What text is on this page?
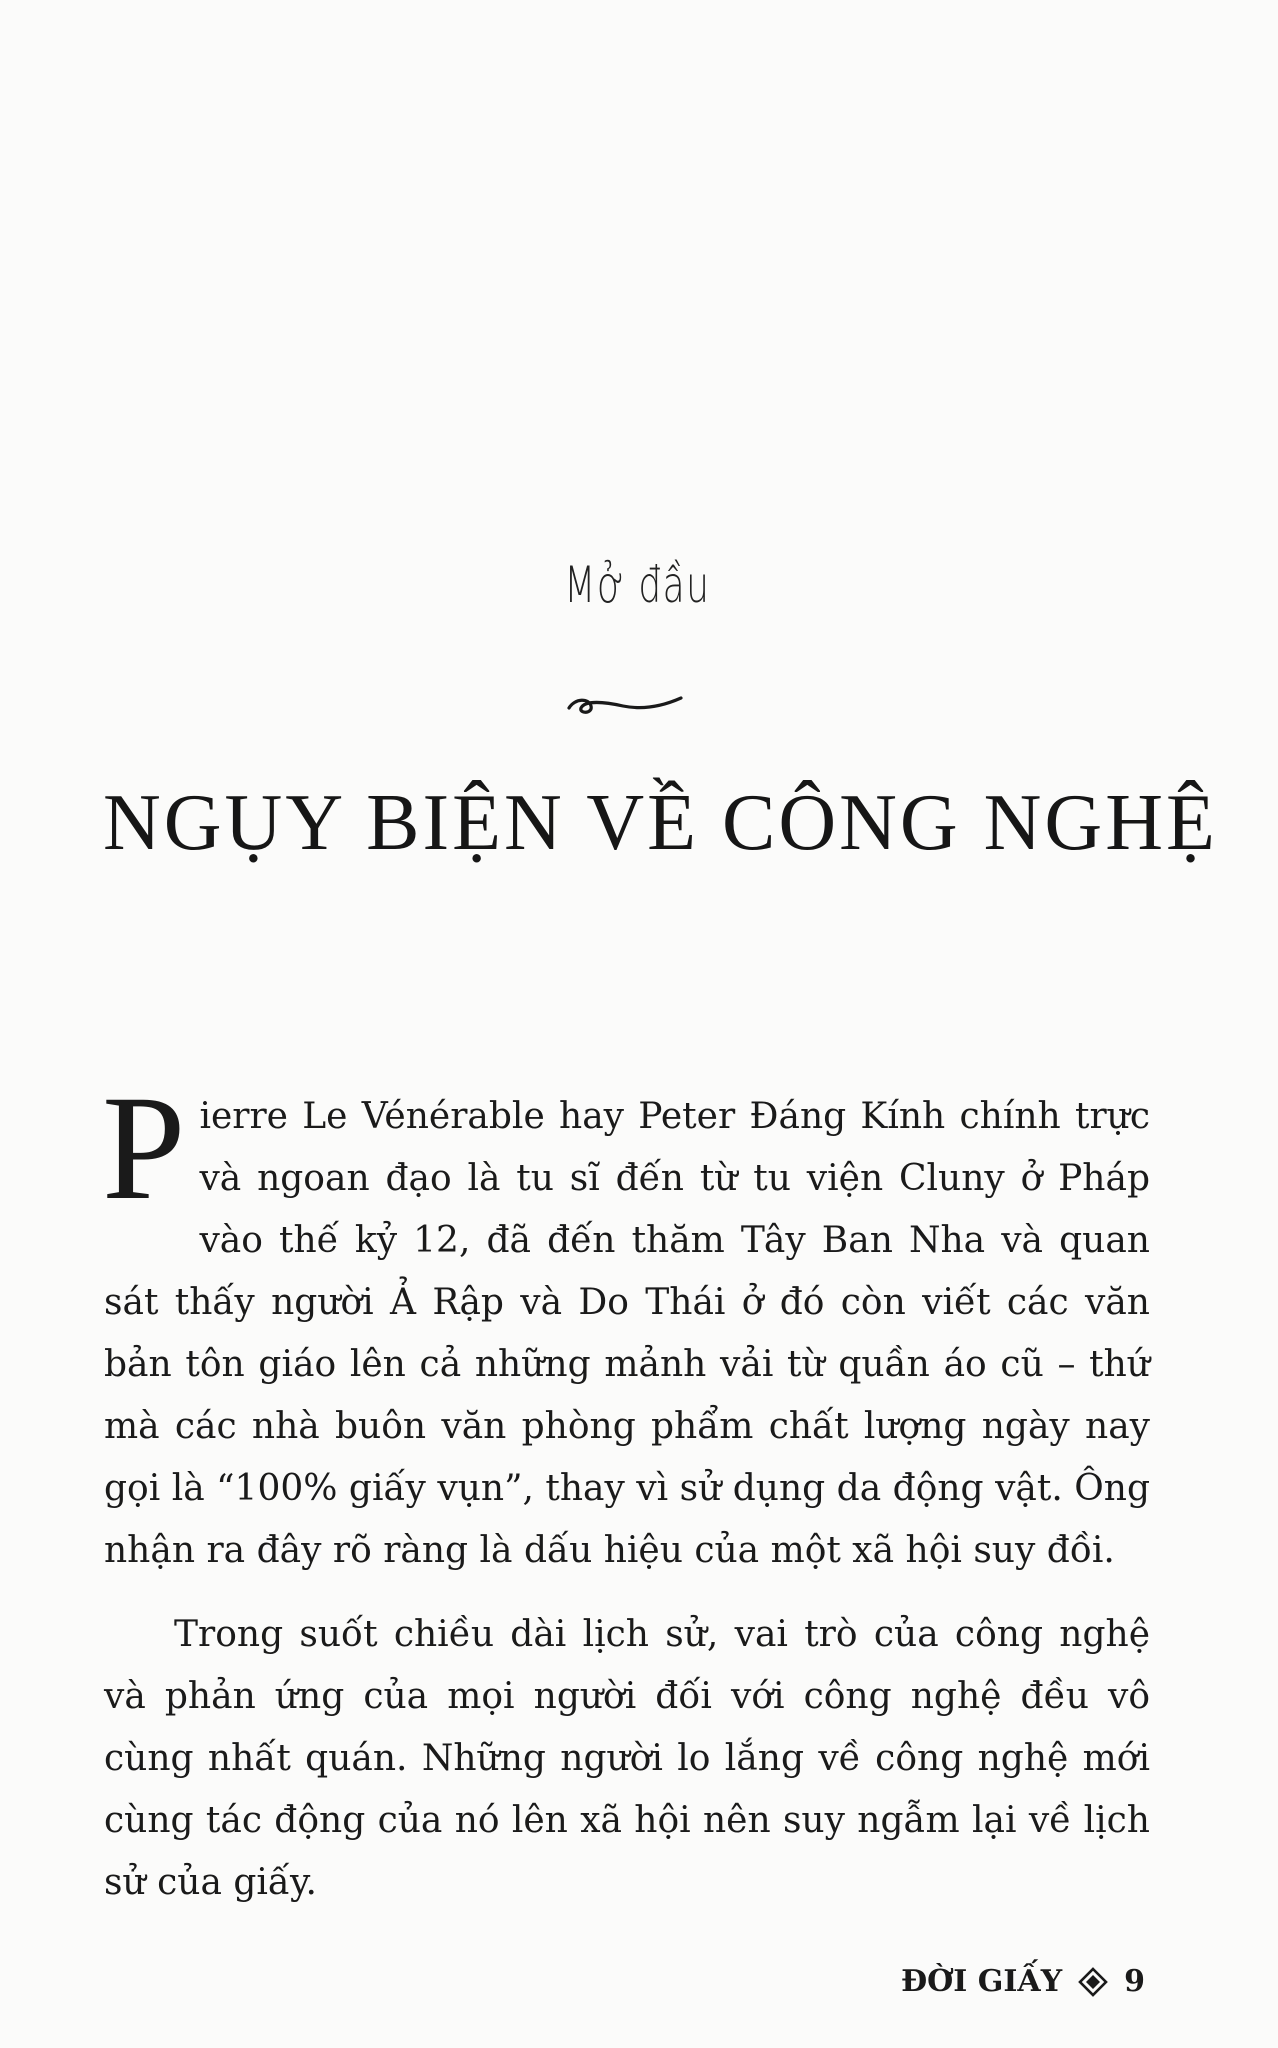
Mở đầu
NGỤY BIỆN VỀ CÔNG NGHỆ

Pierre Le Vénérable hay Peter Đáng Kính chính trực và ngoan đạo là tu sĩ đến từ tu viện Cluny ở Pháp vào thế kỷ 12, đã đến thăm Tây Ban Nha và quan sát thấy người Ả Rập và Do Thái ở đó còn viết các văn bản tôn giáo lên cả những mảnh vải từ quần áo cũ – thứ mà các nhà buôn văn phòng phẩm chất lượng ngày nay gọi là “100% giấy vụn”, thay vì sử dụng da động vật. Ông nhận ra đây rõ ràng là dấu hiệu của một xã hội suy đồi.

Trong suốt chiều dài lịch sử, vai trò của công nghệ và phản ứng của mọi người đối với công nghệ đều vô cùng nhất quán. Những người lo lắng về công nghệ mới cùng tác động của nó lên xã hội nên suy ngẫm lại về lịch sử của giấy.

ĐỜI GIẤY 9
